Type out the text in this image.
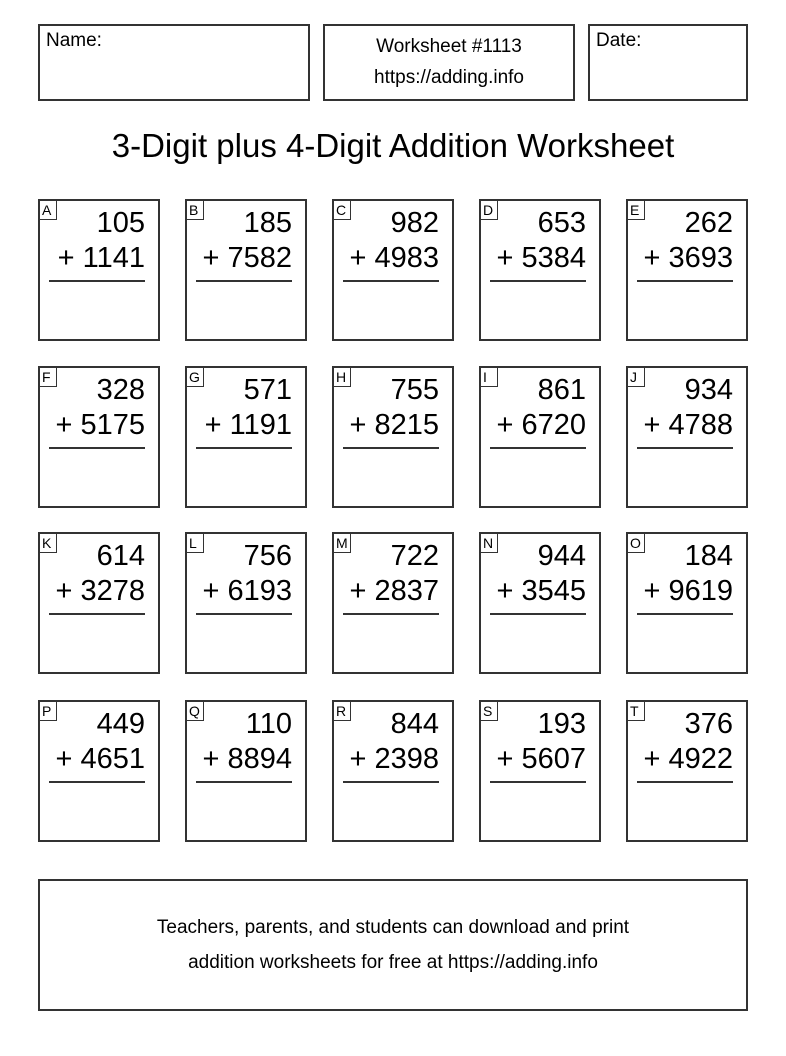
Name:	Worksheet #1113
https://adding.info
Date:
3-Digit plus 4-Digit Addition Worksheet
A 105
+ 1141
B 185
+ 7582
C 982
+ 4983
D 653
+ 5384
E 262
+ 3693
F 328
+ 5175
G 571
+ 1191
H 755
+ 8215
I	861
+ 6720
J 934
+ 4788
K 614
+ 3278
L 756
+ 6193
M 722
+ 2837
N 944
+ 3545
O 184
+ 9619
P 449
+ 4651
Q 110
+ 8894
R 844
+ 2398
S 193
+ 5607
T 376
+ 4922
Teachers, parents, and students can download and print
addition worksheets for free at https://adding.info
